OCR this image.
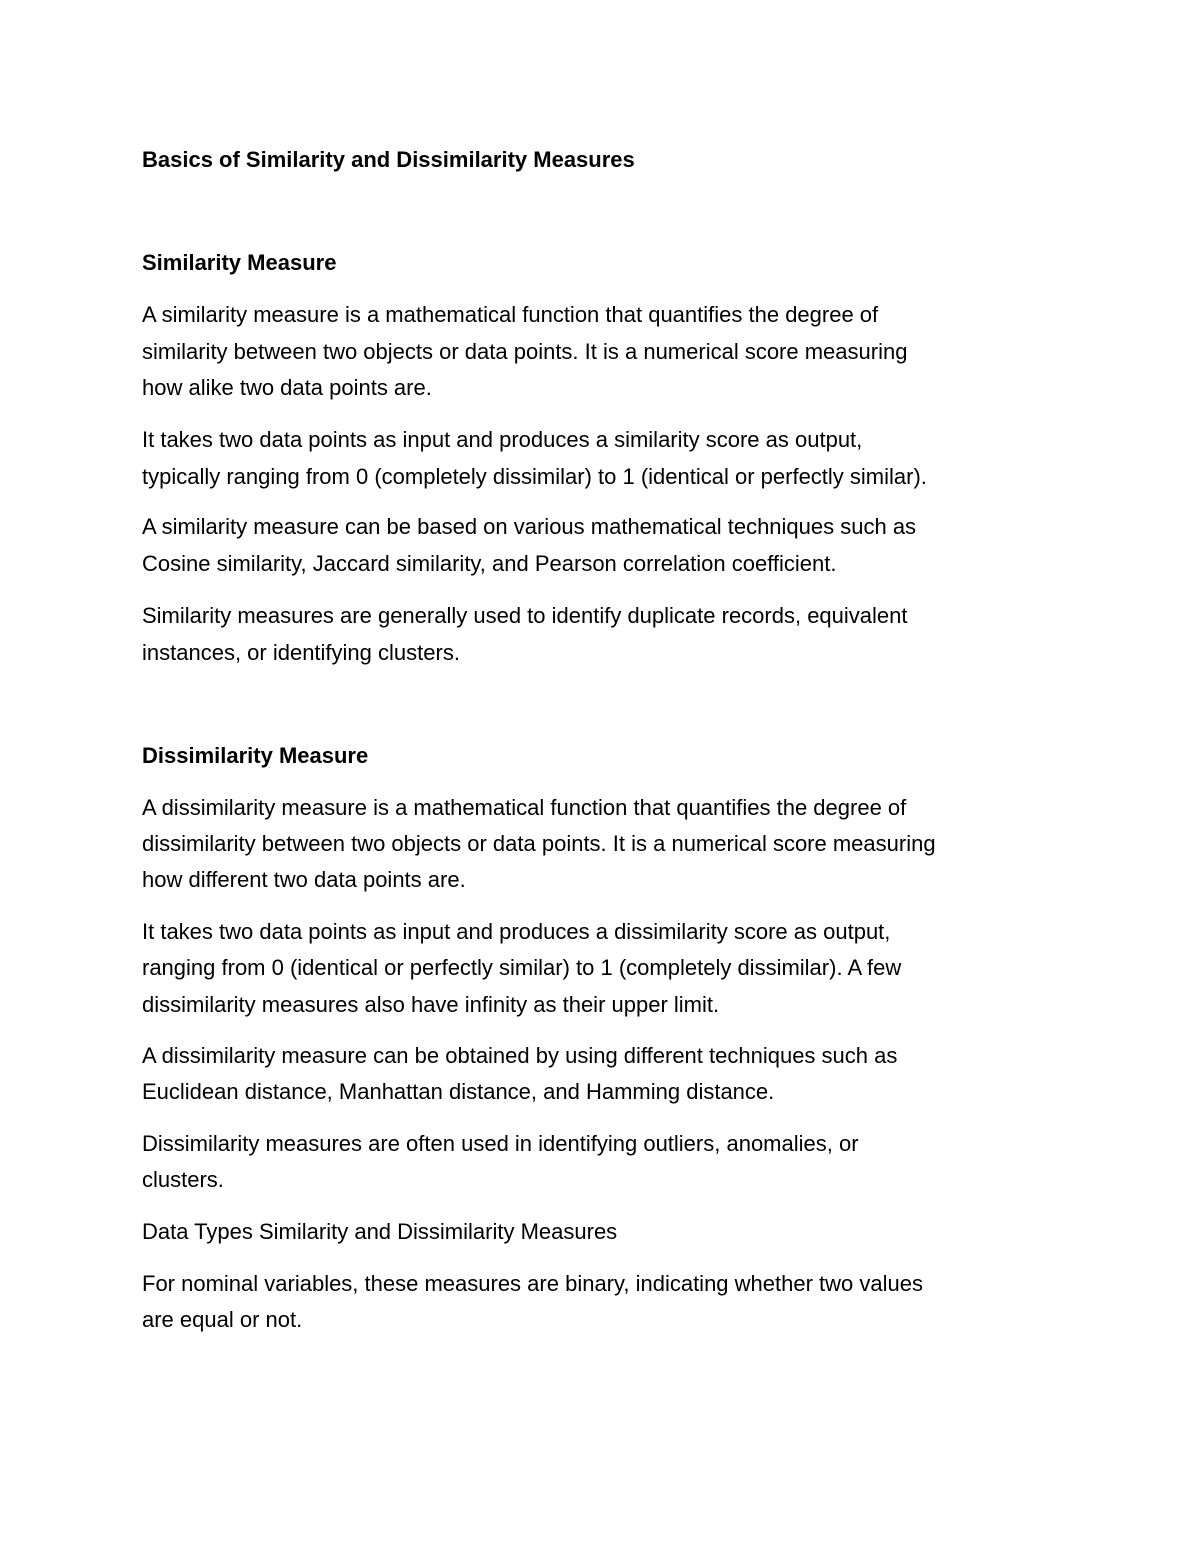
Basics of Similarity and Dissimilarity Measures

Similarity Measure

A similarity measure is a mathematical function that quantifies the degree of

similarity between two objects or data points. It is a numerical score measuring

how alike two data points are.

It takes two data points as input and produces a similarity score as output,

typically ranging from 0 (completely dissimilar) to 1 (identical or perfectly similar).

A similarity measure can be based on various mathematical techniques such as

Cosine similarity, Jaccard similarity, and Pearson correlation coefficient.

Similarity measures are generally used to identify duplicate records, equivalent

instances, or identifying clusters.

Dissimilarity Measure

A dissimilarity measure is a mathematical function that quantifies the degree of

dissimilarity between two objects or data points. It is a numerical score measuring

how different two data points are.

It takes two data points as input and produces a dissimilarity score as output,

ranging from 0 (identical or perfectly similar) to 1 (completely dissimilar). A few

dissimilarity measures also have infinity as their upper limit.

A dissimilarity measure can be obtained by using different techniques such as

Euclidean distance, Manhattan distance, and Hamming distance.

Dissimilarity measures are often used in identifying outliers, anomalies, or

clusters.

Data Types Similarity and Dissimilarity Measures

For nominal variables, these measures are binary, indicating whether two values

are equal or not.
